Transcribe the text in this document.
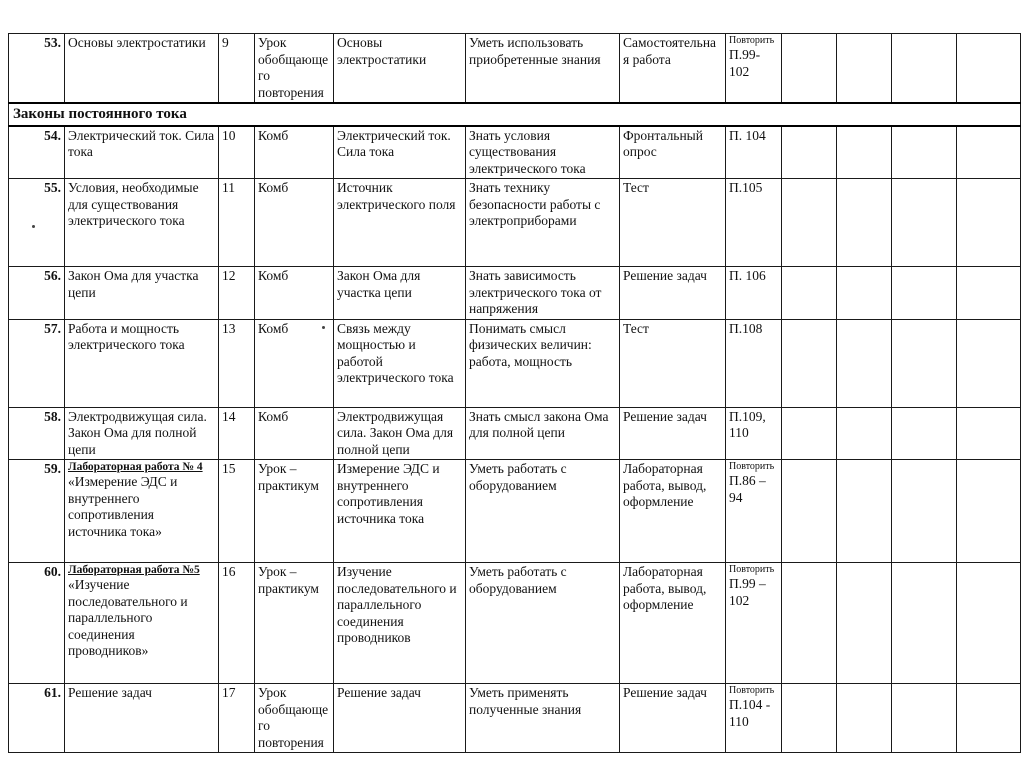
53.	Основы электростатики	9	Урок обобщающего повторения	Основы электростатики	Уметь использовать приобретенные знания	Самостоятельная работа	Повторить
П.99-102				
Законы постоянного тока											
54.	Электрический ток. Сила тока	10	Комб	Электрический ток. Сила тока	Знать условия существования электрического тока	Фронтальный опрос	П. 104				
55.	Условия, необходимые для существования электрического тока	11	Комб	Источник электрического поля	Знать технику безопасности работы с электроприборами	Тест	П.105				
56.	Закон Ома для участка цепи	12	Комб	Закон Ома для участка цепи	Знать зависимость электрического тока от напряжения	Решение задач	П. 106				
57.	Работа и мощность электрического тока	13	Комб	Связь между мощностью и работой электрического тока	Понимать смысл физических величин: работа, мощность	Тест	П.108				
58.	Электродвижущая сила. Закон Ома для полной цепи	14	Комб	Электродвижущая сила. Закон Ома для полной цепи	Знать смысл закона Ома для полной цепи	Решение задач	П.109, 110				
59.	Лабораторная работа № 4
«Измерение ЭДС и внутреннего сопротивления источника тока»	15	Урок – практикум	Измерение ЭДС и внутреннего сопротивления источника тока	Уметь работать с оборудованием	Лабораторная работа, вывод, оформление	Повторить
П.86 – 94				
60.	Лабораторная работа №5
«Изучение последовательного и параллельного соединения проводников»	16	Урок – практикум	Изучение последовательного и параллельного соединения проводников	Уметь работать с оборудованием	Лабораторная работа, вывод, оформление	Повторить
П.99 – 102				
61.	Решение задач	17	Урок обобщающего повторения	Решение задач	Уметь применять полученные знания	Решение задач	Повторить
П.104 - 110				
